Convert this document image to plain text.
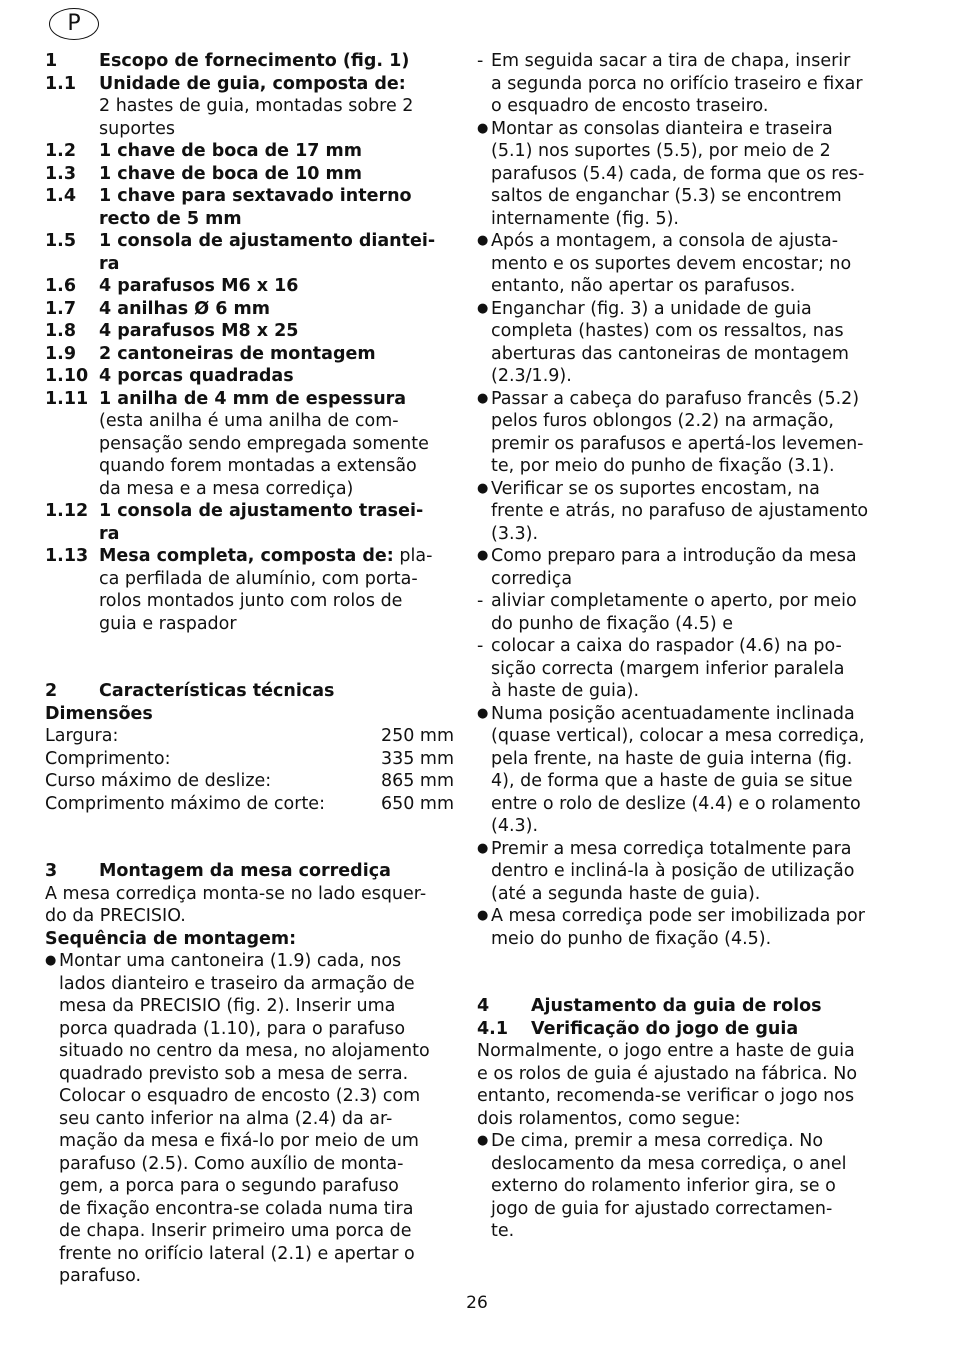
P
1	Escopo de fornecimento (fig. 1)
1.1	Unidade de guia, composta de:
2 hastes de guia, montadas sobre 2
suportes
1.2	1 chave de boca de 17 mm
1.3	1 chave de boca de 10 mm
1.4	1 chave para sextavado interno
recto de 5 mm
1.5	1 consola de ajustamento diantei-
ra
1.6	4 parafusos M6 x 16
1.7	4 anilhas Ø 6 mm
1.8	4 parafusos M8 x 25
1.9	2 cantoneiras de montagem
1.10 4 porcas quadradas
1.11 1 anilha de 4 mm de espessura
(esta anilha é uma anilha de com-
pensação sendo empregada somente
quando forem montadas a extensão
da mesa e a mesa corrediça)
1.12 1 consola de ajustamento trasei-
ra
1.13 Mesa completa, composta de: pla-
ca perfilada de alumínio, com porta-
rolos montados junto com rolos de
guia e raspador
2	Características técnicas
Dimensões
Largura:	250 mm
Comprimento:	335 mm
Curso máximo de deslize:	865 mm
Comprimento máximo de corte:	650 mm
3	Montagem da mesa corrediça
A mesa corrediça monta-se no lado esquer-
do da PRECISIO.
Sequência de montagem:
● Montar uma cantoneira (1.9) cada, nos
lados dianteiro e traseiro da armação de
mesa da PRECISIO (fig. 2). Inserir uma
porca quadrada (1.10), para o parafuso
situado no centro da mesa, no alojamento
quadrado previsto sob a mesa de serra.
Colocar o esquadro de encosto (2.3) com
seu canto inferior na alma (2.4) da ar-
mação da mesa e fixá-lo por meio de um
parafuso (2.5). Como auxílio de monta-
gem, a porca para o segundo parafuso
de fixação encontra-se colada numa tira
de chapa. Inserir primeiro uma porca de
frente no orifício lateral (2.1) e apertar o
parafuso.
- Em seguida sacar a tira de chapa, inserir
a segunda porca no orifício traseiro e fixar
o esquadro de encosto traseiro.
● Montar as consolas dianteira e traseira
(5.1) nos suportes (5.5), por meio de 2
parafusos (5.4) cada, de forma que os res-
saltos de enganchar (5.3) se encontrem
internamente (fig. 5).
● Após a montagem, a consola de ajusta-
mento e os suportes devem encostar; no
entanto, não apertar os parafusos.
● Enganchar (fig. 3) a unidade de guia
completa (hastes) com os ressaltos, nas
aberturas das cantoneiras de montagem
(2.3/1.9).
● Passar a cabeça do parafuso francês (5.2)
pelos furos oblongos (2.2) na armação,
premir os parafusos e apertá-los levemen-
te, por meio do punho de fixação (3.1).
● Verificar se os suportes encostam, na
frente e atrás, no parafuso de ajustamento
(3.3).
● Como preparo para a introdução da mesa
corrediça
- aliviar completamente o aperto, por meio
do punho de fixação (4.5) e
- colocar a caixa do raspador (4.6) na po-
sição correcta (margem inferior paralela
à haste de guia).
● Numa posição acentuadamente inclinada
(quase vertical), colocar a mesa corrediça,
pela frente, na haste de guia interna (fig.
4), de forma que a haste de guia se situe
entre o rolo de deslize (4.4) e o rolamento
(4.3).
● Premir a mesa corrediça totalmente para
dentro e incliná-la à posição de utilização
(até a segunda haste de guia).
● A mesa corrediça pode ser imobilizada por
meio do punho de fixação (4.5).
4	Ajustamento da guia de rolos
4.1	Verificação do jogo de guia
Normalmente, o jogo entre a haste de guia
e os rolos de guia é ajustado na fábrica. No
entanto, recomenda-se verificar o jogo nos
dois rolamentos, como segue:
● De cima, premir a mesa corrediça. No
deslocamento da mesa corrediça, o anel
externo do rolamento inferior gira, se o
jogo de guia for ajustado correctamen-
te.
26
